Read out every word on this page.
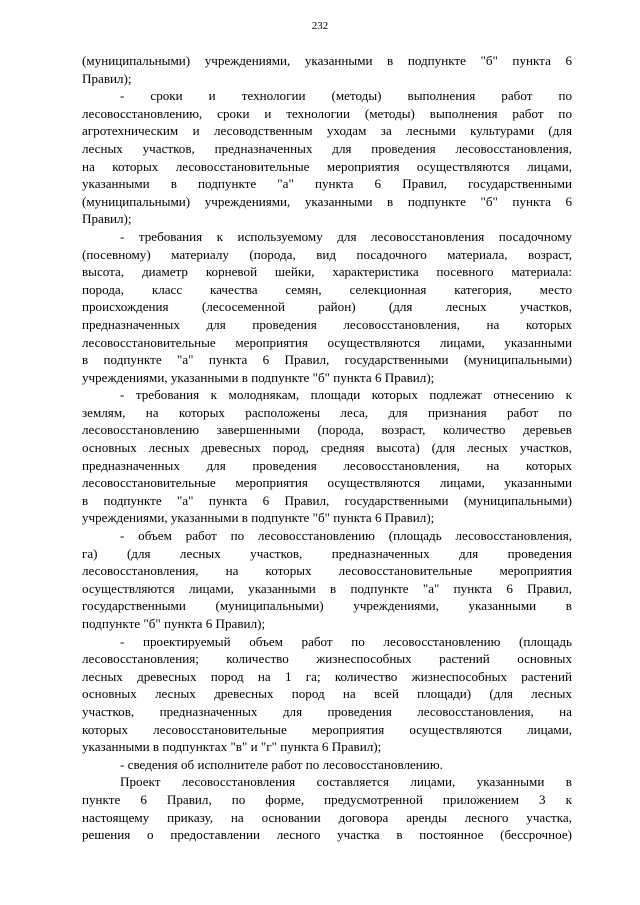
232
(муниципальными) учреждениями, указанными в подпункте "б" пункта 6
Правил);
- сроки и технологии (методы) выполнения работ по
лесовосстановлению, сроки и технологии (методы) выполнения работ по
агротехническим и лесоводственным уходам за лесными культурами (для
лесных участков, предназначенных для проведения лесовосстановления,
на которых лесовосстановительные мероприятия осуществляются лицами,
указанными в подпункте "а" пункта 6 Правил, государственными
(муниципальными) учреждениями, указанными в подпункте "б" пункта 6
Правил);
- требования к используемому для лесовосстановления посадочному
(посевному) материалу (порода, вид посадочного материала, возраст,
высота, диаметр корневой шейки, характеристика посевного материала:
порода, класс качества семян, селекционная категория, место
происхождения (лесосеменной район) (для лесных участков,
предназначенных для проведения лесовосстановления, на которых
лесовосстановительные мероприятия осуществляются лицами, указанными
в подпункте "а" пункта 6 Правил, государственными (муниципальными)
учреждениями, указанными в подпункте "б" пункта 6 Правил);
- требования к молоднякам, площади которых подлежат отнесению к
землям, на которых расположены леса, для признания работ по
лесовосстановлению завершенными (порода, возраст, количество деревьев
основных лесных древесных пород, средняя высота) (для лесных участков,
предназначенных для проведения лесовосстановления, на которых
лесовосстановительные мероприятия осуществляются лицами, указанными
в подпункте "а" пункта 6 Правил, государственными (муниципальными)
учреждениями, указанными в подпункте "б" пункта 6 Правил);
- объем работ по лесовосстановлению (площадь лесовосстановления,
га) (для лесных участков, предназначенных для проведения
лесовосстановления, на которых лесовосстановительные мероприятия
осуществляются лицами, указанными в подпункте "а" пункта 6 Правил,
государственными (муниципальными) учреждениями, указанными в
подпункте "б" пункта 6 Правил);
- проектируемый объем работ по лесовосстановлению (площадь
лесовосстановления; количество жизнеспособных растений основных
лесных древесных пород на 1 га; количество жизнеспособных растений
основных лесных древесных пород на всей площади) (для лесных
участков, предназначенных для проведения лесовосстановления, на
которых лесовосстановительные мероприятия осуществляются лицами,
указанными в подпунктах "в" и "г" пункта 6 Правил);
- сведения об исполнителе работ по лесовосстановлению.
Проект лесовосстановления составляется лицами, указанными в
пункте 6 Правил, по форме, предусмотренной приложением 3 к
настоящему приказу, на основании договора аренды лесного участка,
решения о предоставлении лесного участка в постоянное (бессрочное)
